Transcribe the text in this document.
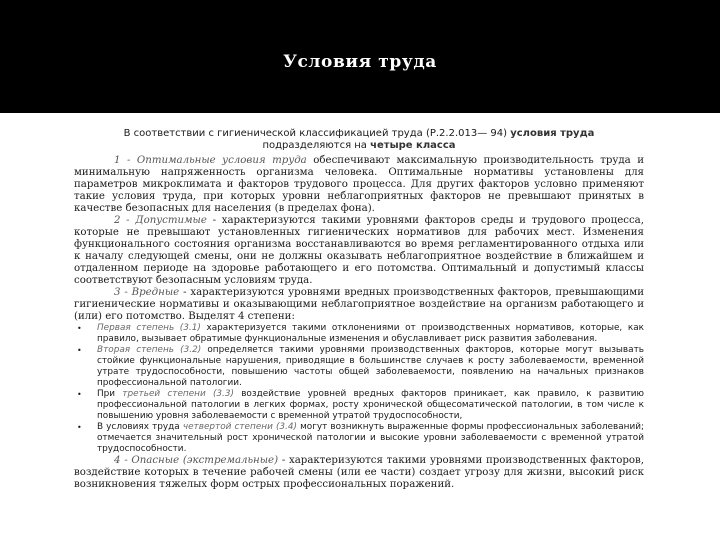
Условия труда

В соответствии с гигиенической классификацией труда (Р.2.2.013— 94) условия труда
подразделяются на четыре класса

1 - Оптимальные условия труда обеспечивают максимальную производительность труда и минимальную напряженность организма человека. Оптимальные нормативы установлены для параметров микроклимата и факторов трудового процесса. Для других факторов условно применяют такие условия труда, при которых уровни неблагоприятных факторов не превышают принятых в качестве безопасных для населения (в пределах фона).

2 - Допустимые - характеризуются такими уровнями факторов среды и трудового процесса, которые не превышают установленных гигиенических нормативов для рабочих мест. Изменения функционального состояния организма восстанавливаются во время регламентированного отдыха или к началу следующей смены, они не должны оказывать неблагоприятное воздействие в ближайшем и отдаленном периоде на здоровье работающего и его потомства. Оптимальный и допустимый классы соответствуют безопасным условиям труда.

3 - Вредные - характеризуются уровнями вредных производственных факторов, превышающими гигиенические нормативы и оказывающими неблагоприятное воздействие на организм работающего и (или) его потомство. Выделят 4 степени:

• Первая степень (3.1) характеризуется такими отклонениями от производственных нормативов, которые, как правило, вызывает обратимые функциональные изменения и обуславливает риск развития заболевания.
• Вторая степень (3.2) определяется такими уровнями производственных факторов, которые могут вызывать стойкие функциональные нарушения, приводящие в большинстве случаев к росту заболеваемости, временной утрате трудоспособности, повышению частоты общей заболеваемости, появлению на начальных признаков профессиональной патологии.
• При третьей степени (3.3) воздействие уровней вредных факторов приникает, как правило, к развитию профессиональной патологии в легких формах, росту хронической общесоматической патологии, в том числе к повышению уровня заболеваемости с временной утратой трудоспособности,
• В условиях труда четвертой степени (3.4) могут возникнуть выраженные формы профессиональных заболеваний; отмечается значительный рост хронической патологии и высокие уровни заболеваемости с временной утратой трудоспособности.

4 - Опасные (экстремальные) - характеризуются такими уровнями производственных факторов, воздействие которых в течение рабочей смены (или ее части) создает угрозу для жизни, высокий риск возникновения тяжелых форм острых профессиональных поражений.
